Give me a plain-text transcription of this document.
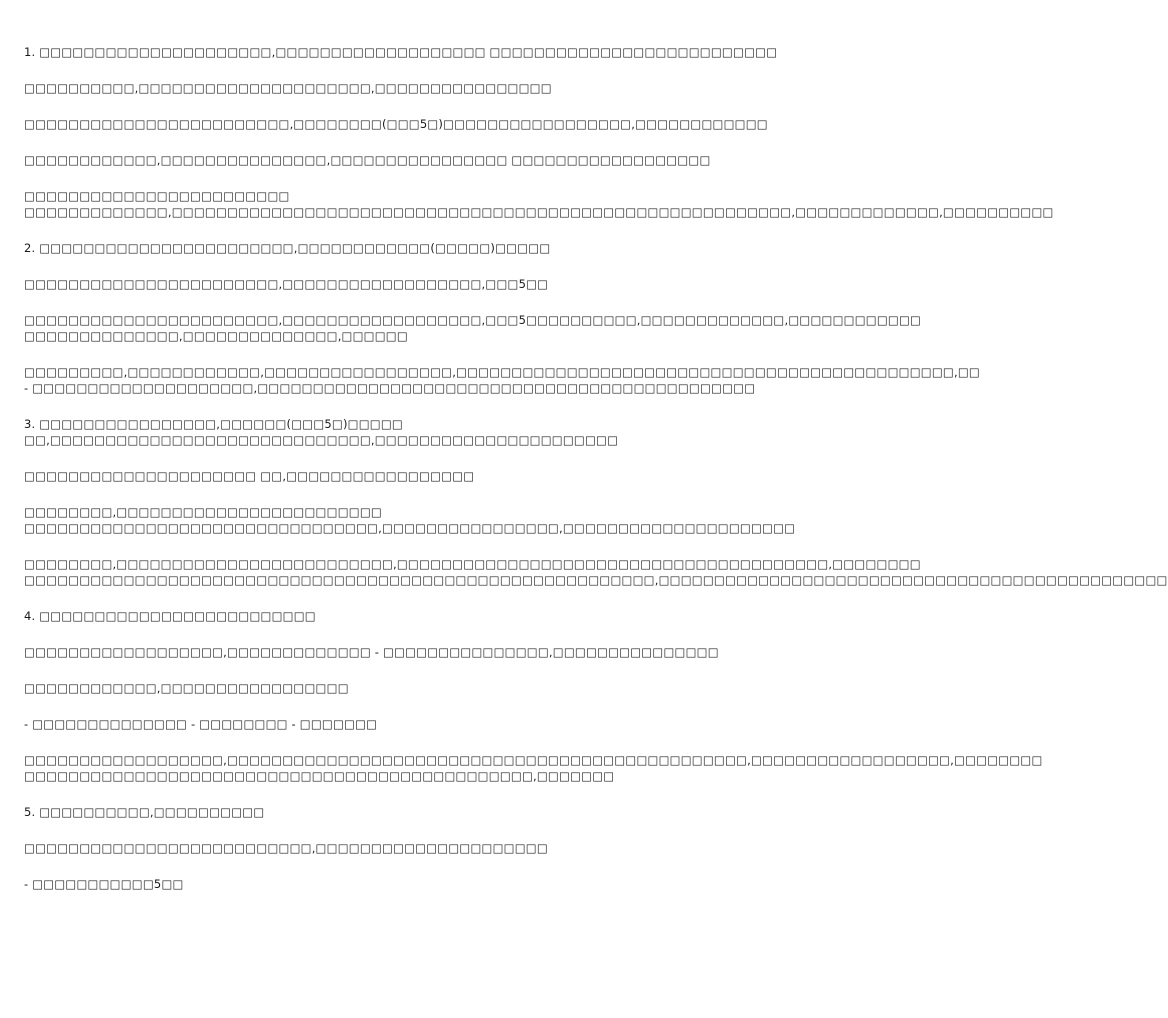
1. □□□□□□□□□□□□□□□□□□□□□,□□□□□□□□□□□□□□□□□□□ □□□□□□□□□□□□□□□□□□□□□□□□□□
□□□□□□□□□□,□□□□□□□□□□□□□□□□□□□□□,□□□□□□□□□□□□□□□□
□□□□□□□□□□□□□□□□□□□□□□□□,□□□□□□□□(□□□5□)□□□□□□□□□□□□□□□□□,□□□□□□□□□□□□
□□□□□□□□□□□□,□□□□□□□□□□□□□□□,□□□□□□□□□□□□□□□□ □□□□□□□□□□□□□□□□□□
□□□□□□□□□□□□□□□□□□□□□□□□
□□□□□□□□□□□□□,□□□□□□□□□□□□□□□□□□□□□□□□□□□□□□□□□□□□□□□□□□□□□□□□□□□□□□□□,□□□□□□□□□□□□□,□□□□□□□□□□
2. □□□□□□□□□□□□□□□□□□□□□□□,□□□□□□□□□□□□(□□□□□)□□□□□
□□□□□□□□□□□□□□□□□□□□□□□,□□□□□□□□□□□□□□□□□□,□□□5□□
□□□□□□□□□□□□□□□□□□□□□□□,□□□□□□□□□□□□□□□□□□,□□□5□□□□□□□□□□,□□□□□□□□□□□□□,□□□□□□□□□□□□
□□□□□□□□□□□□□□,□□□□□□□□□□□□□□,□□□□□□
□□□□□□□□□,□□□□□□□□□□□□,□□□□□□□□□□□□□□□□□,□□□□□□□□□□□□□□□□□□□□□□□□□□□□□□□□□□□□□□□□□□□□□,□□
- □□□□□□□□□□□□□□□□□□□□,□□□□□□□□□□□□□□□□□□□□□□□□□□□□□□□□□□□□□□□□□□□□□
3. □□□□□□□□□□□□□□□□,□□□□□□(□□□5□)□□□□□
□□,□□□□□□□□□□□□□□□□□□□□□□□□□□□□□,□□□□□□□□□□□□□□□□□□□□□□
□□□□□□□□□□□□□□□□□□□□□ □□,□□□□□□□□□□□□□□□□□
□□□□□□□□,□□□□□□□□□□□□□□□□□□□□□□□□
□□□□□□□□□□□□□□□□□□□□□□□□□□□□□□□□,□□□□□□□□□□□□□□□□,□□□□□□□□□□□□□□□□□□□□□
□□□□□□□□,□□□□□□□□□□□□□□□□□□□□□□□□□,□□□□□□□□□□□□□□□□□□□□□□□□□□□□□□□□□□□□□□□,□□□□□□□□
□□□□□□□□□□□□□□□□□□□□□□□□□□□□□□□□□□□□□□□□□□□□□□□□□□□□□□□□□,□□□□□□□□□□□□□□□□□□□□□□□□□□□□□□□□□□□□□□□□□□□□□□
4. □□□□□□□□□□□□□□□□□□□□□□□□□
□□□□□□□□□□□□□□□□□□,□□□□□□□□□□□□□ - □□□□□□□□□□□□□□□,□□□□□□□□□□□□□□□
□□□□□□□□□□□□,□□□□□□□□□□□□□□□□□
- □□□□□□□□□□□□□□ - □□□□□□□□ - □□□□□□□
□□□□□□□□□□□□□□□□□□,□□□□□□□□□□□□□□□□□□□□□□□□□□□□□□□□□□□□□□□□□□□□□□□,□□□□□□□□□□□□□□□□□□,□□□□□□□□
□□□□□□□□□□□□□□□□□□□□□□□□□□□□□□□□□□□□□□□□□□□□□□,□□□□□□□
5. □□□□□□□□□□,□□□□□□□□□□
□□□□□□□□□□□□□□□□□□□□□□□□□□,□□□□□□□□□□□□□□□□□□□□□
- □□□□□□□□□□□5□□
